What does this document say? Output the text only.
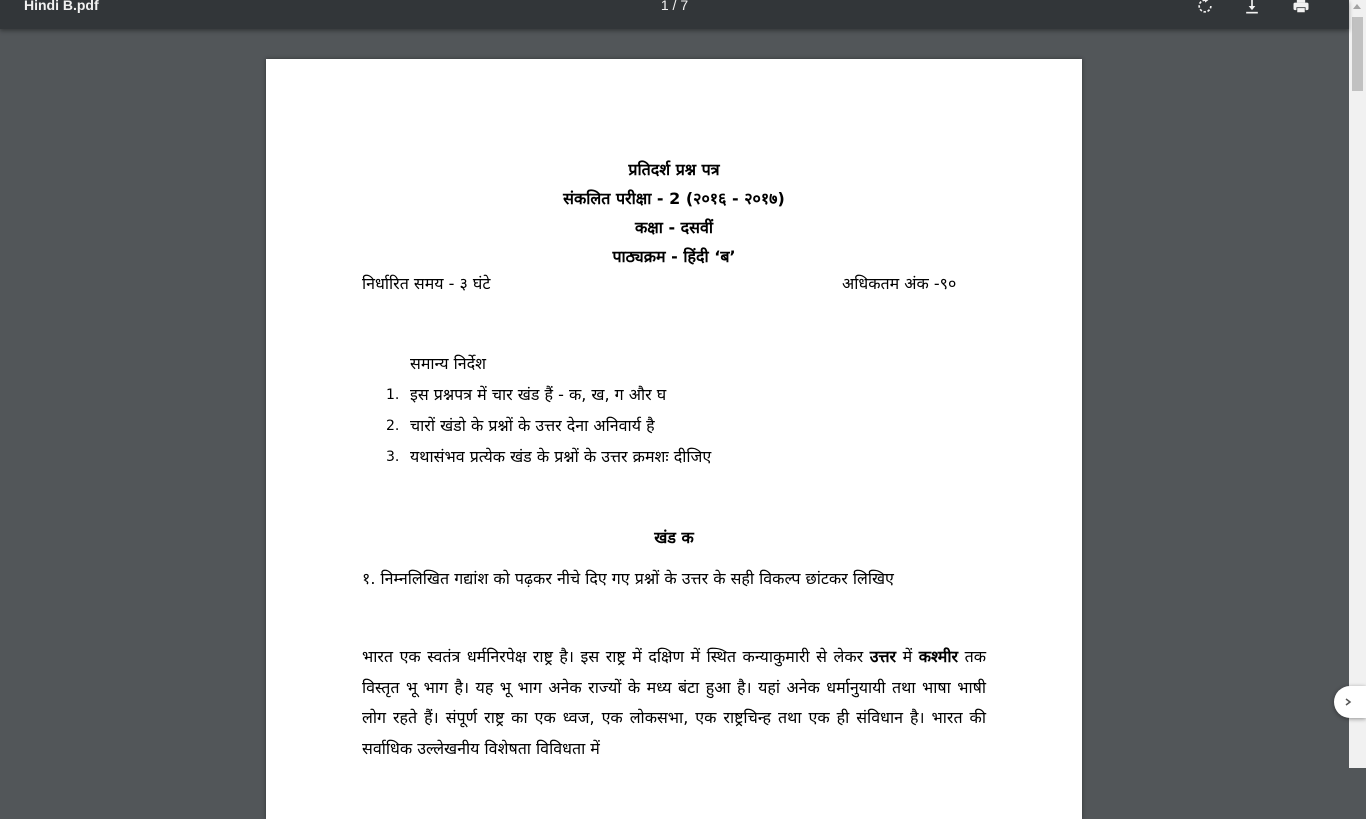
Hindi B.pdf	1 / 7
प्रतिदर्श प्रश्न पत्र
संकलित परीक्षा - 2 (२०१६ - २०१७)
कक्षा - दसवीं
पाठ्यक्रम - हिंदी ‘ब’
निर्धारित समय - ३ घंटे	अधिकतम अंक -९०
समान्य निर्देश
1. इस प्रश्नपत्र में चार खंड हैं - क, ख, ग और घ
2. चारों खंडो के प्रश्नों के उत्तर देना अनिवार्य है
3. यथासंभव प्रत्येक खंड के प्रश्नों के उत्तर क्रमशः दीजिए
खंड क
१. निम्नलिखित गद्यांश को पढ़कर नीचे दिए गए प्रश्नों के उत्तर के सही विकल्प छांटकर लिखिए
भारत एक स्वतंत्र धर्मनिरपेक्ष राष्ट्र है। इस राष्ट्र में दक्षिण में स्थित कन्याकुमारी से लेकर उत्तर में कश्मीर तक विस्तृत भू भाग है। यह भू भाग अनेक राज्यों के मध्य बंटा हुआ है। यहां अनेक धर्मानुयायी तथा भाषा भाषी लोग रहते हैं। संपूर्ण राष्ट्र का एक ध्वज, एक लोकसभा, एक राष्ट्रचिन्ह तथा एक ही संविधान है। भारत की सर्वाधिक उल्लेखनीय विशेषता विविधता में
